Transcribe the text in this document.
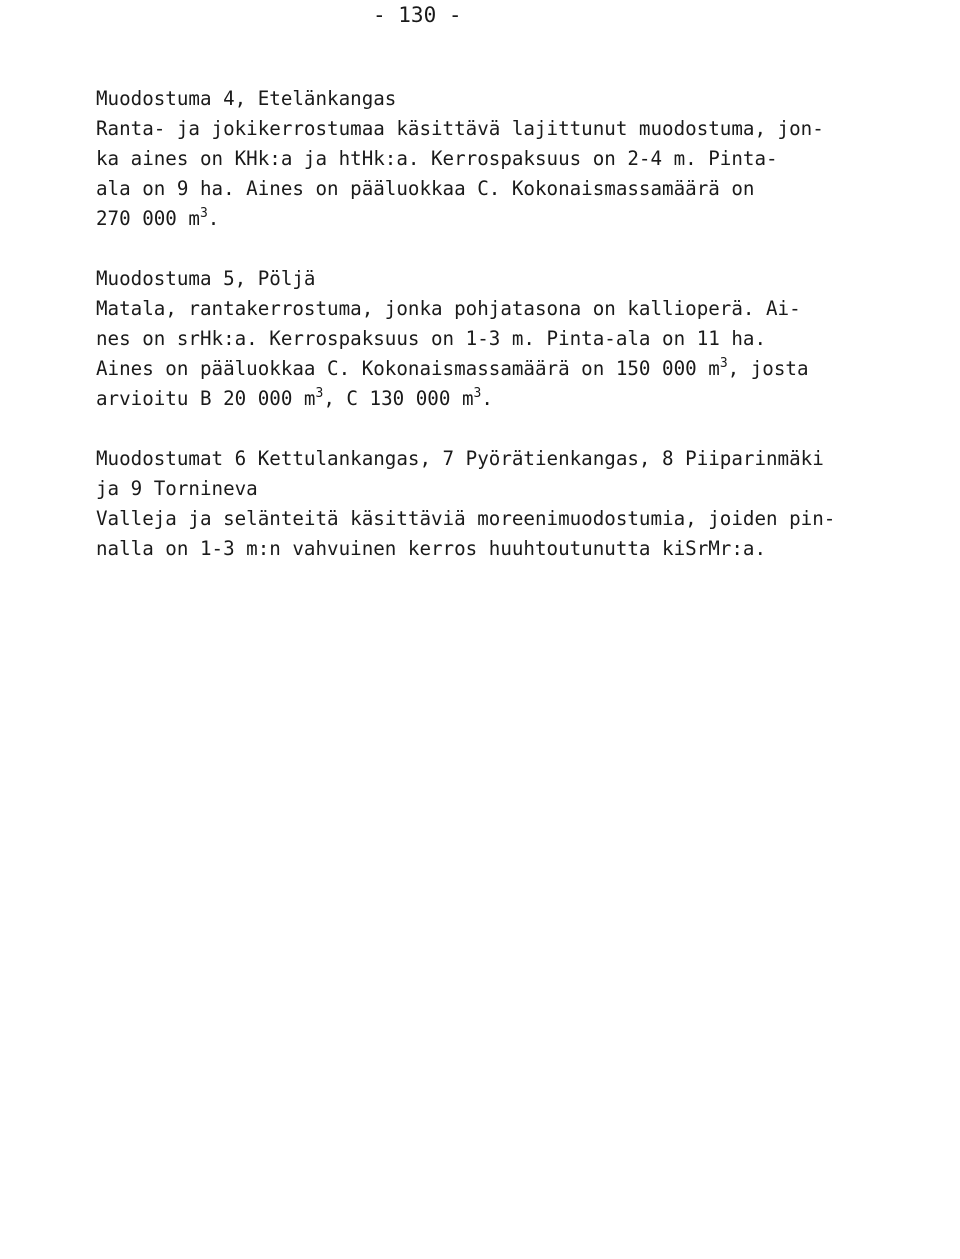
- 130 -
Muodostuma 4, Etelänkangas
Ranta- ja jokikerrostumaa käsittävä lajittunut muodostuma, jon-
ka aines on KHk:a ja htHk:a. Kerrospaksuus on 2-4 m. Pinta-
ala on 9 ha. Aines on pääluokkaa C. Kokonaismassamäärä on
270 000 $m^3$.
Muodostuma 5, Pöljä
Matala, rantakerrostuma, jonka pohjatasona on kallioperä. Ai-
nes on srHk:a. Kerrospaksuus on 1-3 m. Pinta-ala on 11 ha.
Aines on pääluokkaa C. Kokonaismassamäärä on 150 000 $m^3$, josta
arvioitu B 20 000 $m^3$, C 130 000 $m^3$.
Muodostumat 6 Kettulankangas, 7 Pyörätienkangas, 8 Piiparinmäki
ja 9 Tornineva
Valleja ja selänteitä käsittäviä moreenimuodostumia, joiden pin-
nalla on 1-3 m:n vahvuinen kerros huuhtoutunutta kiSrMr:a.
